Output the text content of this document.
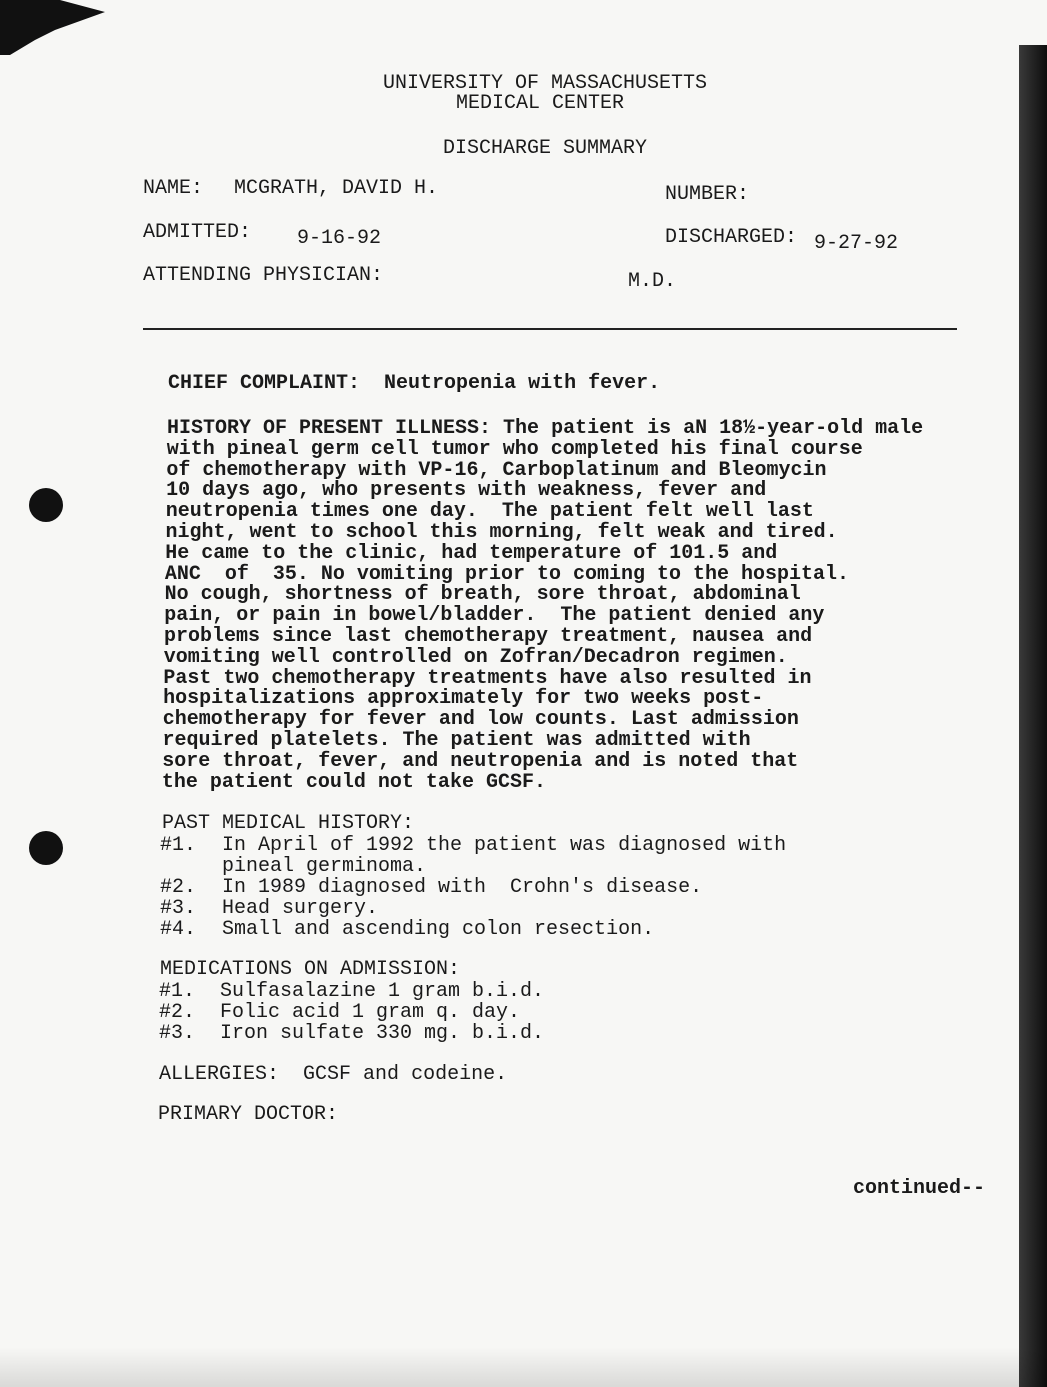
UNIVERSITY OF MASSACHUSETTS
MEDICAL CENTER
DISCHARGE SUMMARY
NAME: MCGRATH, DAVID H.	NUMBER:
ADMITTED: 9-16-92	DISCHARGED: 9-27-92
ATTENDING PHYSICIAN:	M.D.
CHIEF COMPLAINT: Neutropenia with fever.
HISTORY OF PRESENT ILLNESS: The patient is aN 18½-year-old male
with pineal germ cell tumor who completed his final course
of chemotherapy with VP-16, Carboplatinum and Bleomycin
10 days ago, who presents with weakness, fever and
neutropenia times one day.  The patient felt well last
night, went to school this morning, felt weak and tired.
He came to the clinic, had temperature of 101.5 and
ANC  of  35. No vomiting prior to coming to the hospital.
No cough, shortness of breath, sore throat, abdominal
pain, or pain in bowel/bladder.  The patient denied any
problems since last chemotherapy treatment, nausea and
vomiting well controlled on Zofran/Decadron regimen.
Past two chemotherapy treatments have also resulted in
hospitalizations approximately for two weeks post-
chemotherapy for fever and low counts. Last admission
required platelets. The patient was admitted with
sore throat, fever, and neutropenia and is noted that
the patient could not take GCSF.
PAST MEDICAL HISTORY:
#1. In April of 1992 the patient was diagnosed with
pineal germinoma.
#2. In 1989 diagnosed with  Crohn's disease.
#3. Head surgery.
#4. Small and ascending colon resection.
MEDICATIONS ON ADMISSION:
#1. Sulfasalazine 1 gram b.i.d.
#2. Folic acid 1 gram q. day.
#3. Iron sulfate 330 mg. b.i.d.
ALLERGIES: GCSF and codeine.
PRIMARY DOCTOR:
continued--
